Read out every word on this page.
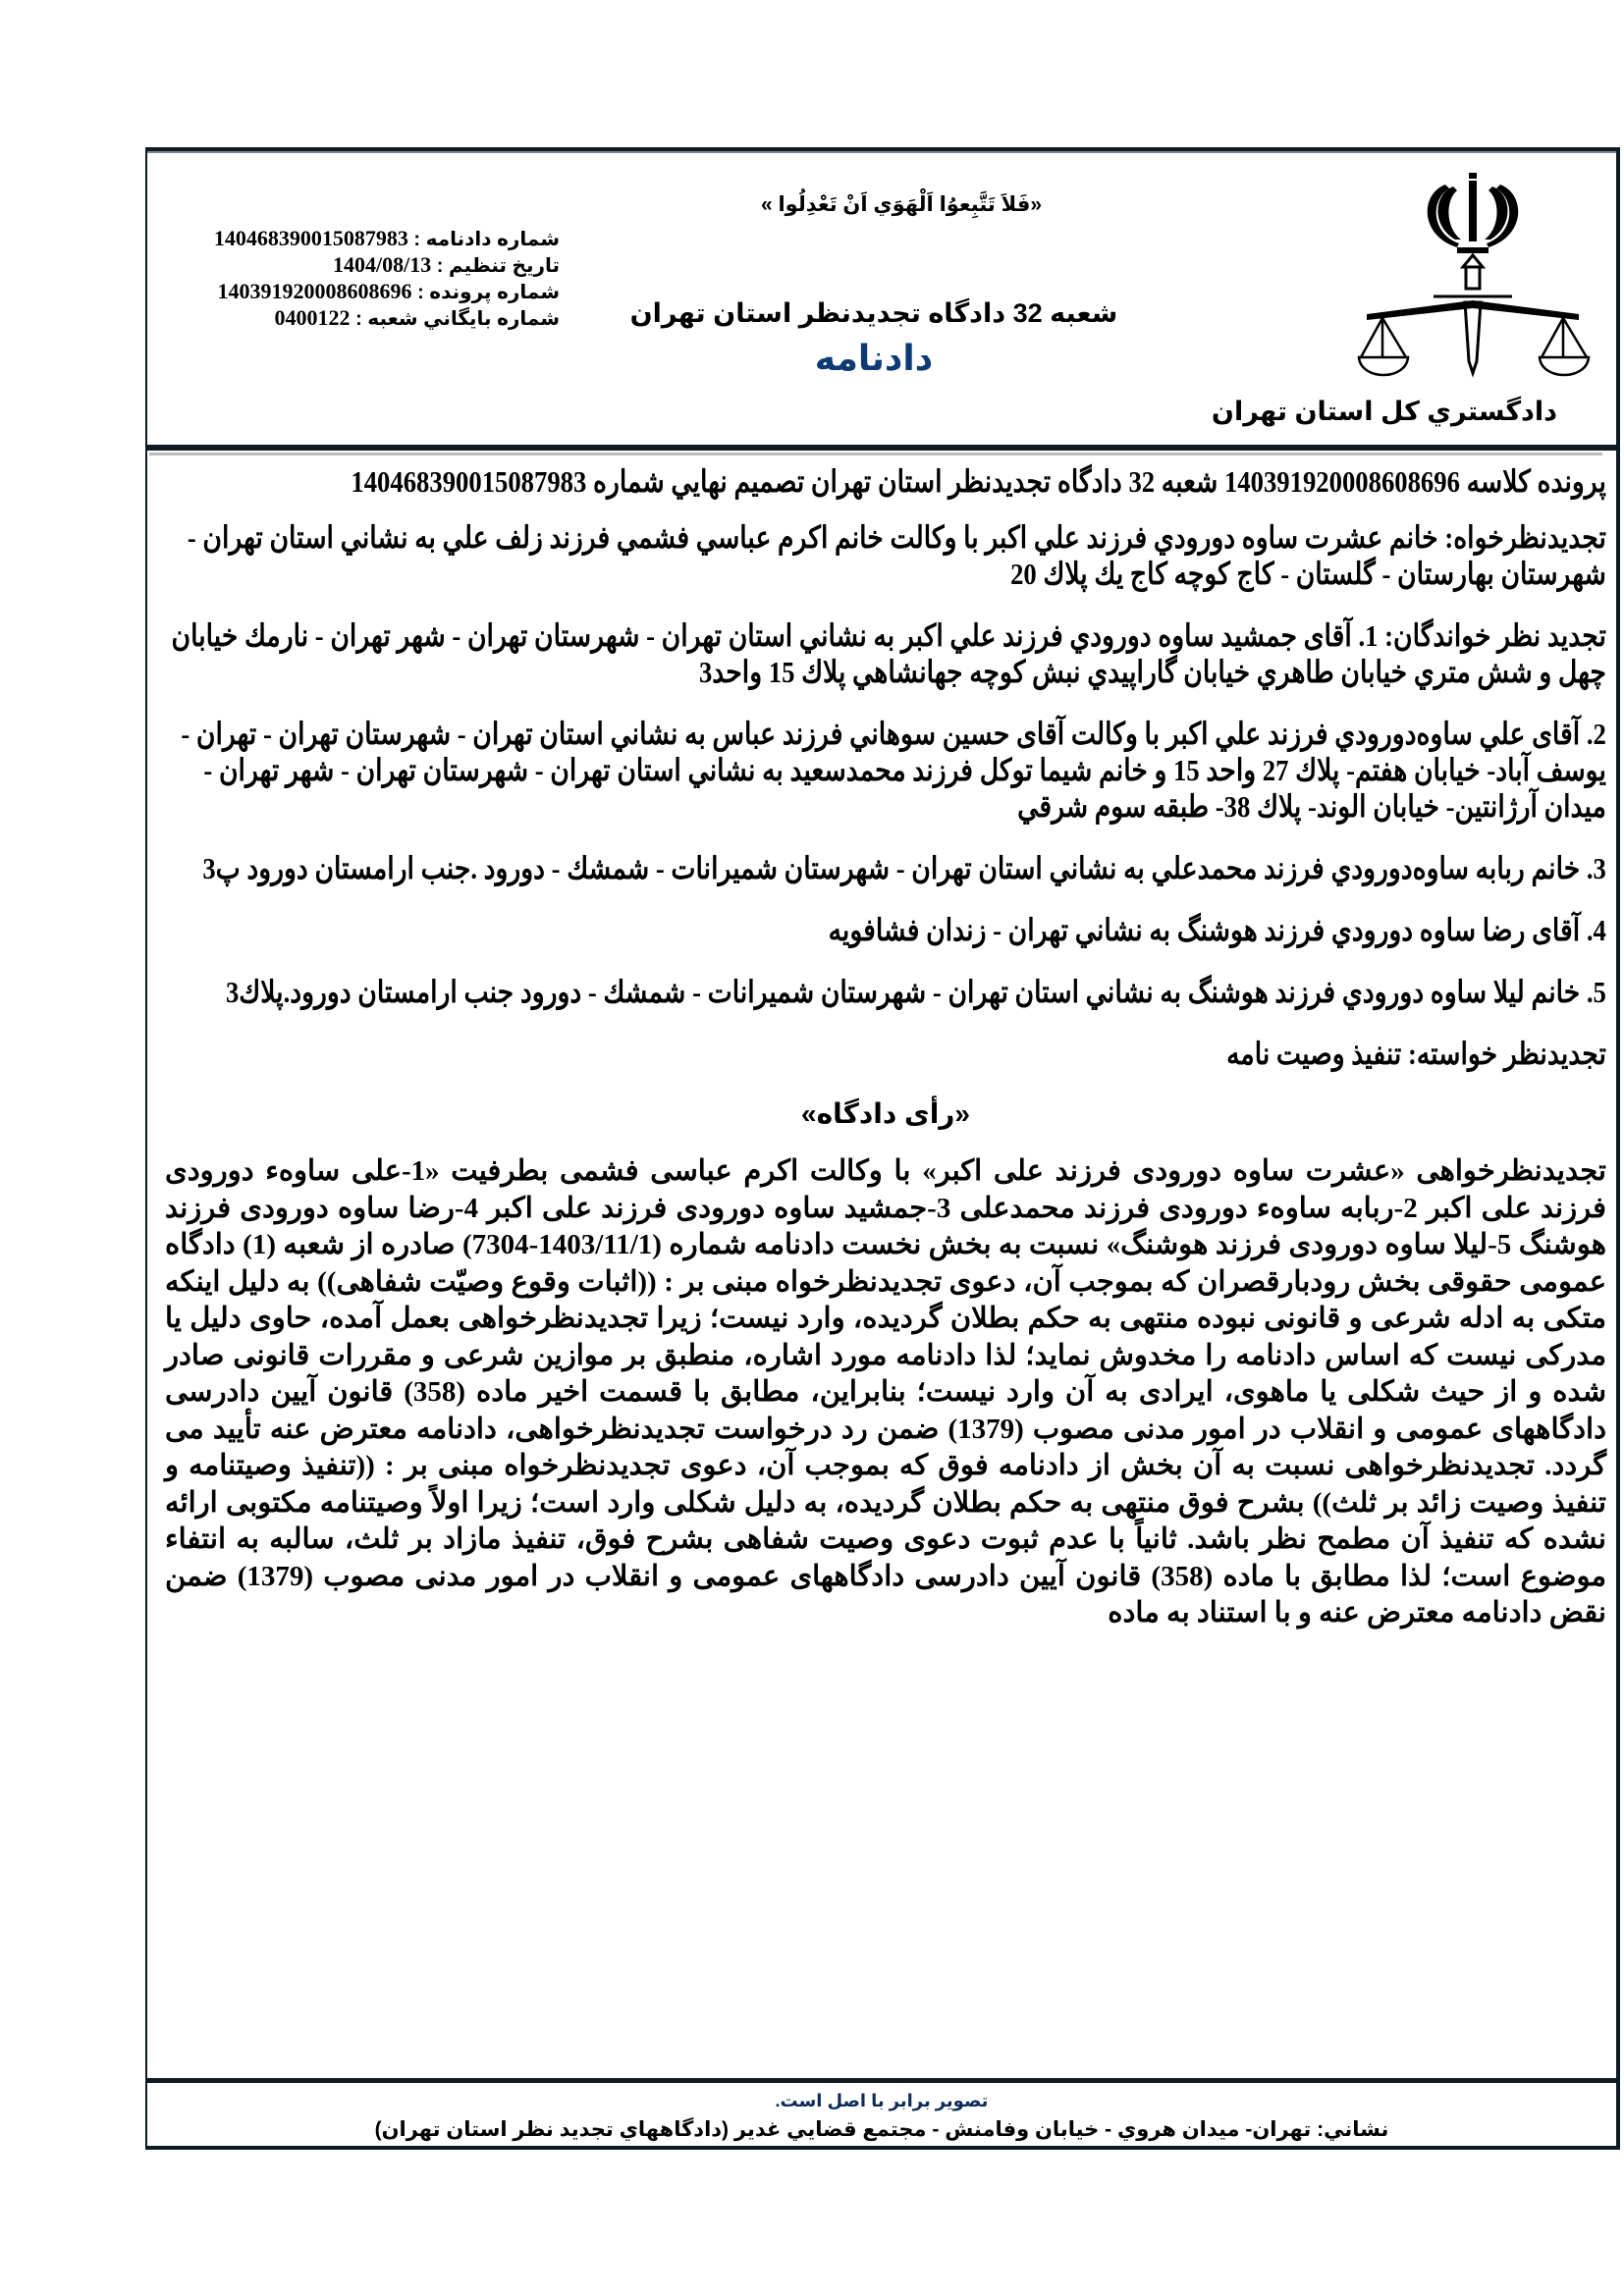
دادگستري كل استان تهران
«فَلاَ تَتَّبِعوُا اَلْهَوَي اَنْ تَعْدِلُوا »
شعبه 32 دادگاه تجديدنظر استان تهران
دادنامه
شماره دادنامه : 140468390015087983
تاريخ تنظيم : 1404/08/13
شماره پرونده : 140391920008608696
شماره بايگاني شعبه : 0400122
پرونده كلاسه 140391920008608696 شعبه 32 دادگاه تجديدنظر استان تهران تصميم نهايي شماره 140468390015087983
تجدیدنظرخواه: خانم عشرت ساوه دورودي فرزند علي اكبر با وكالت خانم اكرم عباسي فشمي فرزند زلف علي به نشاني استان تهران - شهرستان بهارستان - گلستان - كاج كوچه كاج يك پلاك 20
تجدید نظر خواندگان: 1. آقای جمشيد ساوه دورودي فرزند علي اكبر به نشاني استان تهران - شهرستان تهران - شهر تهران - نارمك خيابان چهل و شش متري خيابان طاهري خيابان گاراپيدي نبش كوچه جهانشاهي پلاك 15 واحد3
2. آقای علي ساوه‌دورودي فرزند علي اكبر با وكالت آقای حسين سوهاني فرزند عباس به نشاني استان تهران - شهرستان تهران - تهران - يوسف آباد- خيابان هفتم- پلاك 27 واحد 15 و خانم شيما توكل فرزند محمدسعيد به نشاني استان تهران - شهرستان تهران - شهر تهران - ميدان آرژانتين- خيابان الوند- پلاك 38- طبقه سوم شرقي
3. خانم ربابه ساوه‌دورودي فرزند محمدعلي به نشاني استان تهران - شهرستان شميرانات - شمشك - دورود .جنب ارامستان دورود پ3
4. آقای رضا ساوه دورودي فرزند هوشنگ به نشاني تهران - زندان فشافويه
5. خانم ليلا ساوه دورودي فرزند هوشنگ به نشاني استان تهران - شهرستان شميرانات - شمشك - دورود جنب ارامستان دورود.پلاك3
تجدیدنظر خواسته: تنفيذ وصيت نامه
«رأی دادگاه»
تجدیدنظرخواهی «عشرت ساوه دورودی فرزند علی اکبر» با وکالت اکرم عباسی فشمی بطرفیت «1-علی ساوهء دورودی فرزند علی اکبر 2-ربابه ساوهء دورودی فرزند محمدعلی 3-جمشید ساوه دورودی فرزند علی اکبر 4-رضا ساوه دورودی فرزند هوشنگ 5-لیلا ساوه دورودی فرزند هوشنگ» نسبت به بخش نخست دادنامه شماره (1403/11/1-7304) صادره از شعبه (1) دادگاه عمومی حقوقی بخش رودبارقصران که بموجب آن، دعوی تجدیدنظرخواه مبنی بر : ((اثبات وقوع وصیّت شفاهی)) به دلیل اینکه متکی به ادله شرعی و قانونی نبوده منتهی به حکم بطلان گردیده، وارد نیست؛ زیرا تجدیدنظرخواهی بعمل آمده، حاوی دلیل یا مدرکی نیست که اساس دادنامه را مخدوش نماید؛ لذا دادنامه مورد اشاره، منطبق بر موازین شرعی و مقررات قانونی صادر شده و از حیث شکلی یا ماهوی، ایرادی به آن وارد نیست؛ بنابراین، مطابق با قسمت اخیر ماده (358) قانون آیین دادرسی دادگاههای عمومی و انقلاب در امور مدنی مصوب (1379) ضمن رد درخواست تجدیدنظرخواهی، دادنامه معترض عنه تأیید می گردد. تجدیدنظرخواهی نسبت به آن بخش از دادنامه فوق که بموجب آن، دعوی تجدیدنظرخواه مبنی بر : ((تنفیذ وصیتنامه و تنفیذ وصیت زائد بر ثلث)) بشرح فوق منتهی به حکم بطلان گردیده، به دلیل شکلی وارد است؛ زیرا اولاً وصیتنامه مکتوبی ارائه نشده که تنفیذ آن مطمح نظر باشد. ثانیاً با عدم ثبوت دعوی وصیت شفاهی بشرح فوق، تنفیذ مازاد بر ثلث، سالبه به انتفاء موضوع است؛ لذا مطابق با ماده (358) قانون آیین دادرسی دادگاههای عمومی و انقلاب در امور مدنی مصوب (1379) ضمن نقض دادنامه معترض عنه و با استناد به ماده
تصوير برابر با اصل است.
نشاني: تهران- ميدان هروي - خيابان وفامنش - مجتمع قضايي غدير (دادگاههاي تجديد نظر استان تهران)
